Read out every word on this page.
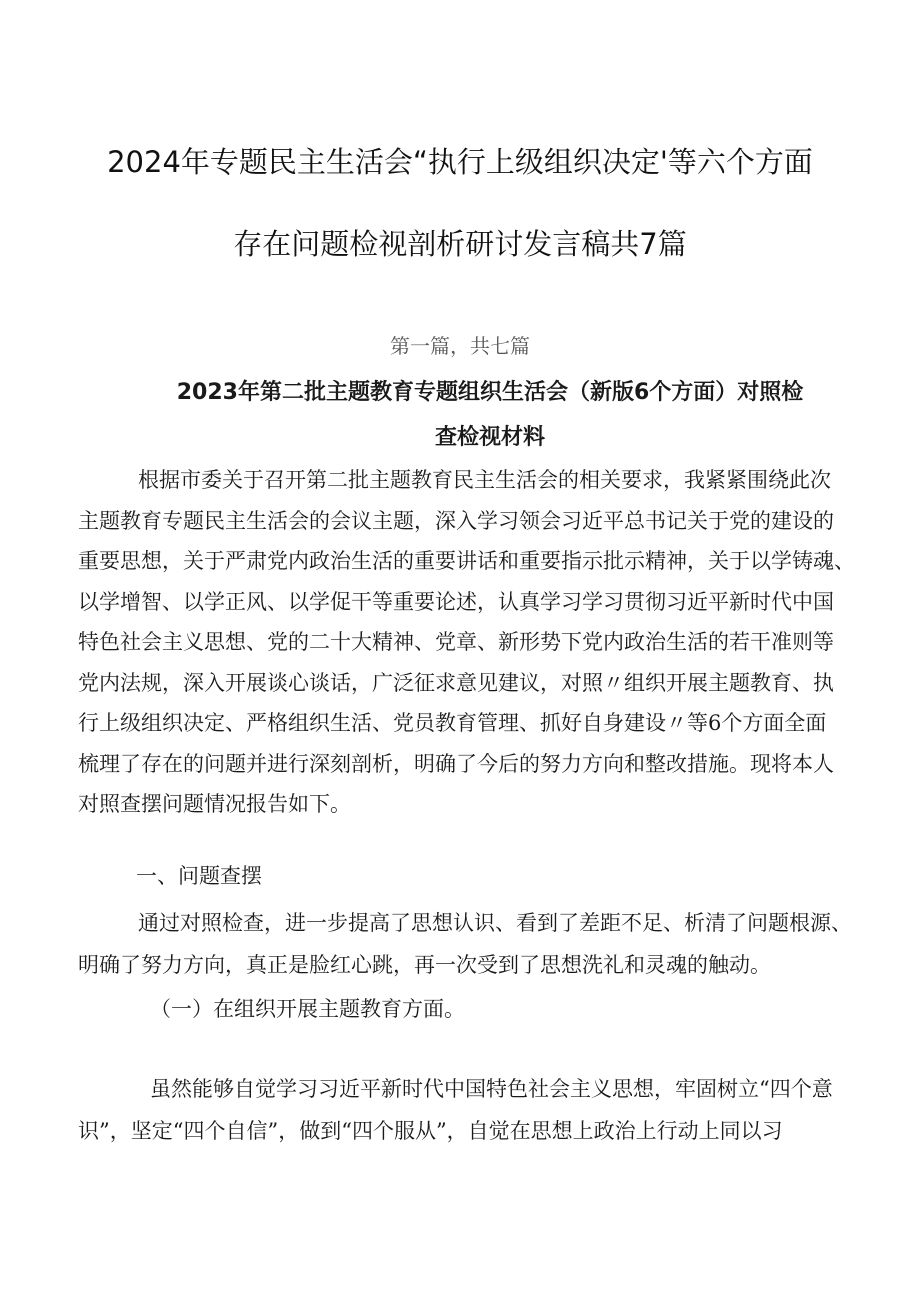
2024年专题民主生活会“执行上级组织决定'等六个方面
存在问题检视剖析研讨发言稿共7篇

第一篇，共七篇

2023年第二批主题教育专题组织生活会（新版6个方面）对照检
查检视材料
根据市委关于召开第二批主题教育民主生活会的相关要求，我紧紧围绕此次
主题教育专题民主生活会的会议主题，深入学习领会习近平总书记关于党的建设的
重要思想，关于严肃党内政治生活的重要讲话和重要指示批示精神，关于以学铸魂、
以学增智、以学正风、以学促干等重要论述，认真学习学习贯彻习近平新时代中国
特色社会主义思想、党的二十大精神、党章、新形势下党内政治生活的若干准则等
党内法规，深入开展谈心谈话，广泛征求意见建议，对照〃组织开展主题教育、执
行上级组织决定、严格组织生活、党员教育管理、抓好自身建设〃等6个方面全面
梳理了存在的问题并进行深刻剖析，明确了今后的努力方向和整改措施。现将本人
对照查摆问题情况报告如下。

一、问题查摆

通过对照检查，进一步提高了思想认识、看到了差距不足、析清了问题根源、
明确了努力方向，真正是脸红心跳，再一次受到了思想洗礼和灵魂的触动。

（一）在组织开展主题教育方面。

虽然能够自觉学习习近平新时代中国特色社会主义思想，牢固树立“四个意
识”，坚定“四个自信”，做到“四个服从”，自觉在思想上政治上行动上同以习
